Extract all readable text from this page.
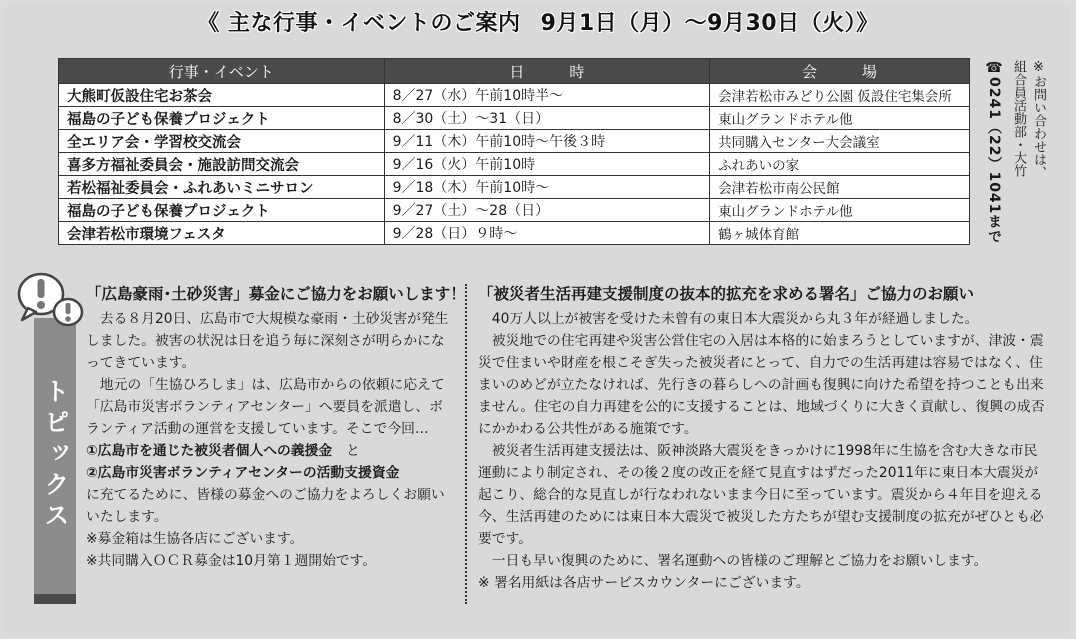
《 主な行事・イベントのご案内 9月1日（月）～9月30日（火）》
行事・イベント	日　　　時	会　　　場
大熊町仮設住宅お茶会	8／27（水）午前10時半～	会津若松市みどり公園 仮設住宅集会所
福島の子ども保養プロジェクト	8／30（土）～31（日）	東山グランドホテル他
全エリア会・学習校交流会	9／11（木）午前10時～午後３時	共同購入センター大会議室
喜多方福祉委員会・施設訪問交流会	9／16（火）午前10時	ふれあいの家
若松福祉委員会・ふれあいミニサロン	9／18（木）午前10時～	会津若松市南公民館
福島の子ども保養プロジェクト	9／27（土）～28（日）	東山グランドホテル他
会津若松市環境フェスタ	9／28（日）９時～	鶴ヶ城体育館
※お問い合わせは、
組合員活動部・大竹
☎0241（22）1041まで
トピックス
「広島豪雨･土砂災害」募金にご協力をお願いします！

去る８月20日、広島市で大規模な豪雨・土砂災害が発生しました。被害の状況は日を追う毎に深刻さが明らかになってきています。

地元の「生協ひろしま」は、広島市からの依頼に応えて「広島市災害ボランティアセンター」へ要員を派遣し、ボランティア活動の運営を支援しています。そこで今回…

①広島市を通じた被災者個人への義援金　と

②広島市災害ボランティアセンターの活動支援資金

に充てるために、皆様の募金へのご協力をよろしくお願いいたします。

※募金箱は生協各店にございます。

※共同購入ＯＣＲ募金は10月第１週開始です。

「被災者生活再建支援制度の抜本的拡充を求める署名」ご協力のお願い

40万人以上が被害を受けた未曾有の東日本大震災から丸３年が経過しました。

被災地での住宅再建や災害公営住宅の入居は本格的に始まろうとしていますが、津波・震災で住まいや財産を根こそぎ失った被災者にとって、自力での生活再建は容易ではなく、住まいのめどが立たなければ、先行きの暮らしへの計画も復興に向けた希望を持つことも出来ません。住宅の自力再建を公的に支援することは、地域づくりに大きく貢献し、復興の成否にかかわる公共性がある施策です。

被災者生活再建支援法は、阪神淡路大震災をきっかけに1998年に生協を含む大きな市民運動により制定され、その後２度の改正を経て見直すはずだった2011年に東日本大震災が起こり、総合的な見直しが行なわれないまま今日に至っています。震災から４年目を迎える今、生活再建のためには東日本大震災で被災した方たちが望む支援制度の拡充がぜひとも必要です。

一日も早い復興のために、署名運動への皆様のご理解とご協力をお願いします。

※ 署名用紙は各店サービスカウンターにございます。
